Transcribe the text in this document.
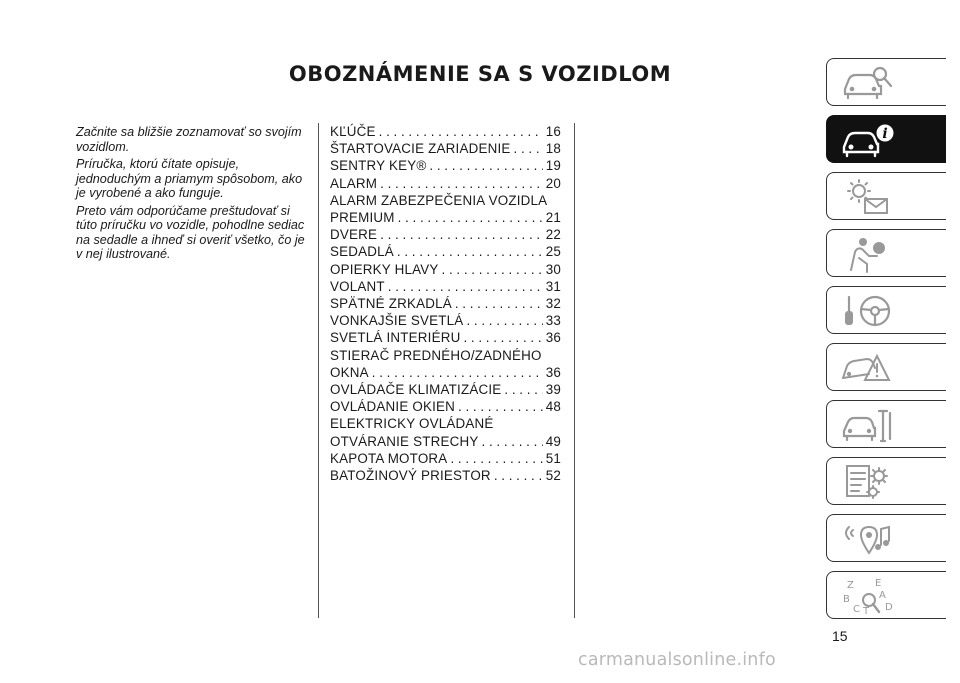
OBOZNÁMENIE SA S VOZIDLOM

Začnite sa bližšie zoznamovať so svojím vozidlom.

Príručka, ktorú čítate opisuje, jednoduchým a priamym spôsobom, ako je vyrobené a ako funguje.

Preto vám odporúčame preštudovať si túto príručku vo vozidle, pohodlne sediac na sedadle a ihneď si overiť všetko, čo je v nej ilustrované.

KĽÚČE . . .	16
ŠTARTOVACIE ZARIADENIE . . .	18
SENTRY KEY® . . .	19
ALARM . . .	20
ALARM ZABEZPEČENIA VOZIDLA
PREMIUM . . .	21
DVERE . . .	22
SEDADLÁ . . .	25
OPIERKY HLAVY . . .	30
VOLANT . . .	31
SPÄTNÉ ZRKADLÁ . . .	32
VONKAJŠIE SVETLÁ . . .	33
SVETLÁ INTERIÉRU . . .	36
STIERAČ PREDNÉHO/ZADNÉHO
OKNA . . .	36
OVLÁDAČE KLIMATIZÁCIE . . .	39
OVLÁDANIE OKIEN . . .	48
ELEKTRICKY OVLÁDANÉ
OTVÁRANIE STRECHY . . .	49
KAPOTA MOTORA . . .	51
BATOŽINOVÝ PRIESTOR . . .	52
i
Z E
B	A
C	D
T
15
carmanualsonline.info
